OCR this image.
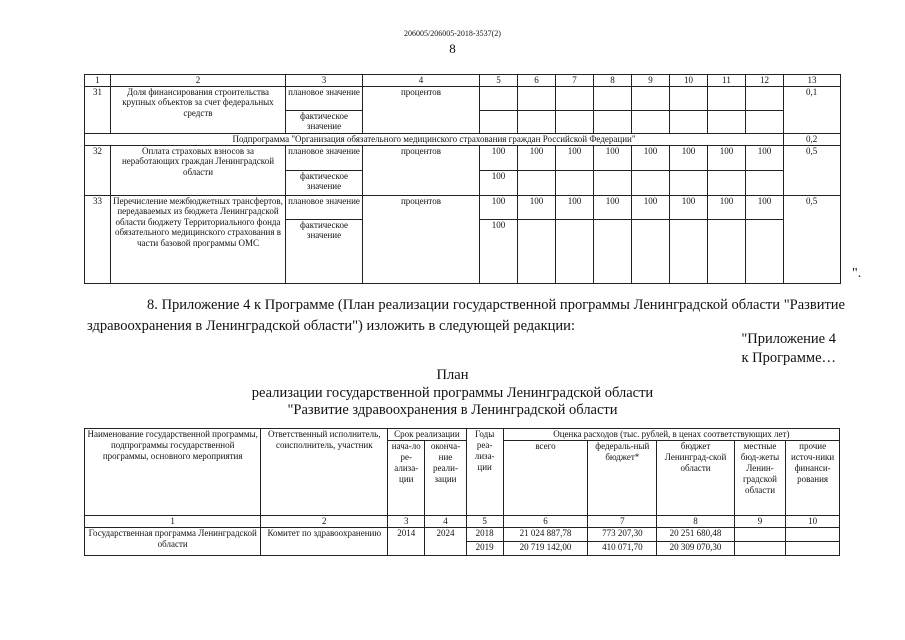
206005/206005-2018-3537(2)
8
1	2	3	4	5	6	7	8	9	10	11	12	13
31	Доля финансирования строительства крупных объектов за счет федеральных средств	плановое значение	процентов									0,1
		фактическое значение										
Подпрограмма "Организация обязательного медицинского страхования граждан Российской Федерации"												0,2
32	Оплата страховых взносов за неработающих граждан Ленинградской области	плановое значение	процентов	100	100	100	100	100	100	100	100	0,5
		фактическое значение		100								
33	Перечисление межбюджетных трансфертов, передаваемых из бюджета Ленинградской области бюджету Территориального фонда обязательного медицинского страхования в части базовой программы ОМС	плановое значение	процентов	100	100	100	100	100	100	100	100	0,5
		фактическое значение		100								
".
8. Приложение 4 к Программе (План реализации государственной программы Ленинградской области "Развитие здравоохранения в Ленинградской области") изложить в следующей редакции:
"Приложение 4
к Программе…
План
реализации государственной программы Ленинградской области
"Развитие здравоохранения в Ленинградской области
Наименование государственной программы, подпрограммы государственной программы, основного мероприятия	Ответственный исполнитель, соисполнитель, участник	Срок реализации		Годы реа-лиза-ции	Оценка расходов (тыс. рублей, в ценах соответствующих лет)				
		нача-ло ре-ализа-ции	оконча-ние реали-зации		всего	федераль-ный бюджет*	бюджет Ленинград-ской области	местные бюд-жеты Ленин-градской области	прочие источ-ники финанси-рования
1	2	3	4	5	6	7	8	9	10
Государственная программа Ленинградской области	Комитет по здравоохранению	2014	2024	2018	21 024 887,78	773 207,30	20 251 680,48		
				2019	20 719 142,00	410 071,70	20 309 070,30		
